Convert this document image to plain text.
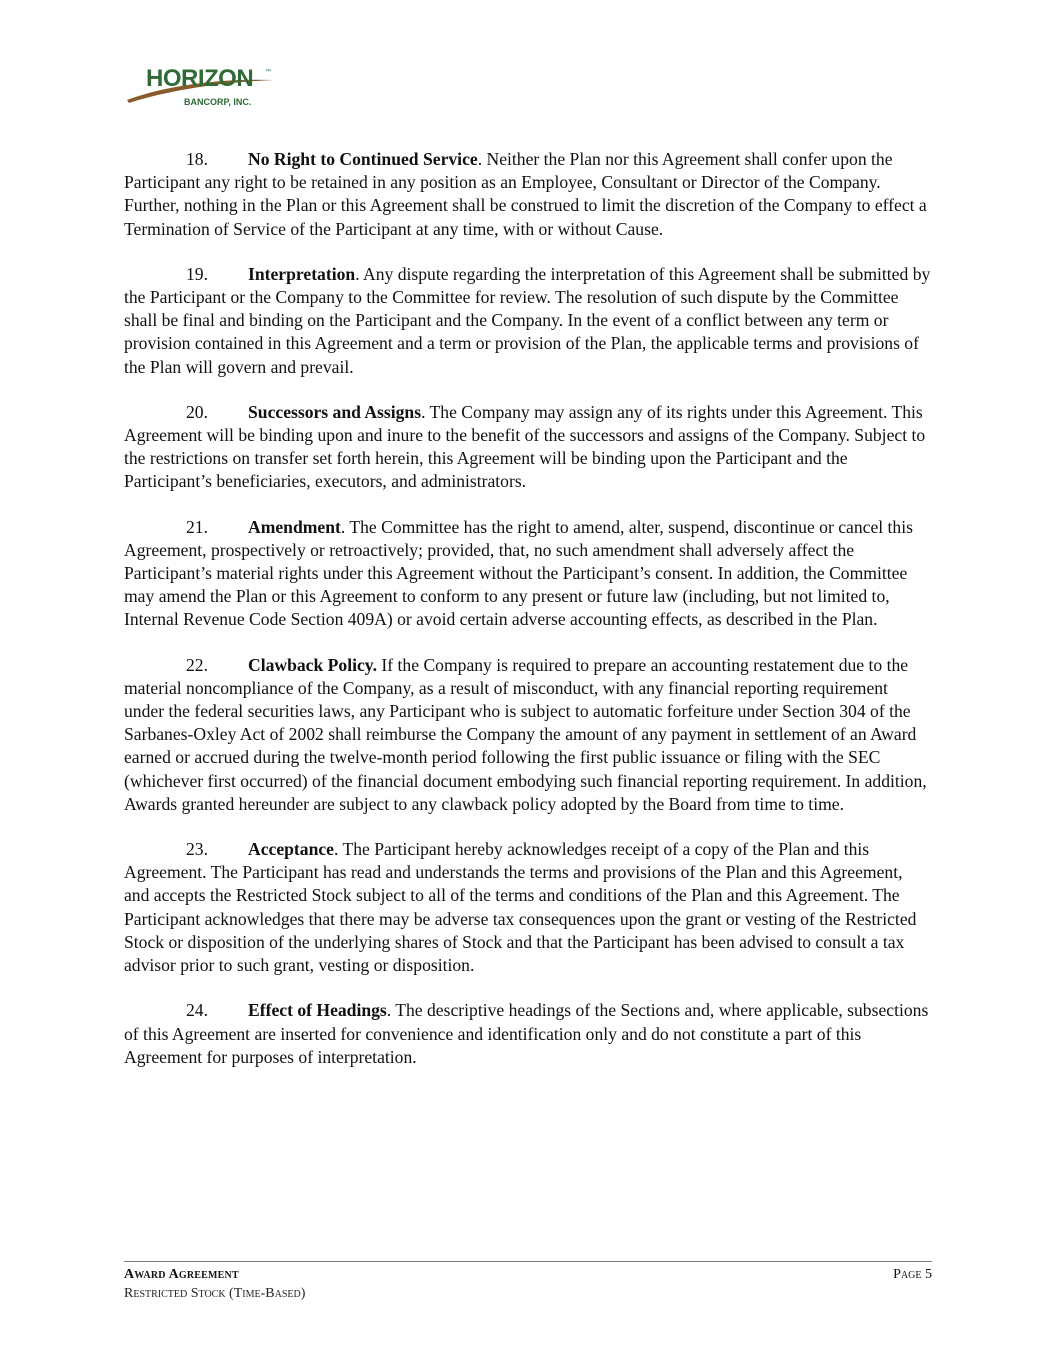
HORIZON ™
BANCORP, INC.

18. No Right to Continued Service. Neither the Plan nor this Agreement shall confer upon the Participant any right to be retained in any position as an Employee, Consultant or Director of the Company. Further, nothing in the Plan or this Agreement shall be construed to limit the discretion of the Company to effect a Termination of Service of the Participant at any time, with or without Cause.

19. Interpretation. Any dispute regarding the interpretation of this Agreement shall be submitted by the Participant or the Company to the Committee for review. The resolution of such dispute by the Committee shall be final and binding on the Participant and the Company. In the event of a conflict between any term or provision contained in this Agreement and a term or provision of the Plan, the applicable terms and provisions of the Plan will govern and prevail.

20. Successors and Assigns. The Company may assign any of its rights under this Agreement. This Agreement will be binding upon and inure to the benefit of the successors and assigns of the Company. Subject to the restrictions on transfer set forth herein, this Agreement will be binding upon the Participant and the Participant’s beneficiaries, executors, and administrators.

21. Amendment. The Committee has the right to amend, alter, suspend, discontinue or cancel this Agreement, prospectively or retroactively; provided, that, no such amendment shall adversely affect the Participant’s material rights under this Agreement without the Participant’s consent. In addition, the Committee may amend the Plan or this Agreement to conform to any present or future law (including, but not limited to, Internal Revenue Code Section 409A) or avoid certain adverse accounting effects, as described in the Plan.

22. Clawback Policy. If the Company is required to prepare an accounting restatement due to the material noncompliance of the Company, as a result of misconduct, with any financial reporting requirement under the federal securities laws, any Participant who is subject to automatic forfeiture under Section 304 of the Sarbanes-Oxley Act of 2002 shall reimburse the Company the amount of any payment in settlement of an Award earned or accrued during the twelve-month period following the first public issuance or filing with the SEC (whichever first occurred) of the financial document embodying such financial reporting requirement. In addition, Awards granted hereunder are subject to any clawback policy adopted by the Board from time to time.

23. Acceptance. The Participant hereby acknowledges receipt of a copy of the Plan and this Agreement. The Participant has read and understands the terms and provisions of the Plan and this Agreement, and accepts the Restricted Stock subject to all of the terms and conditions of the Plan and this Agreement. The Participant acknowledges that there may be adverse tax consequences upon the grant or vesting of the Restricted Stock or disposition of the underlying shares of Stock and that the Participant has been advised to consult a tax advisor prior to such grant, vesting or disposition.

24. Effect of Headings. The descriptive headings of the Sections and, where applicable, subsections of this Agreement are inserted for convenience and identification only and do not constitute a part of this Agreement for purposes of interpretation.

Award Agreement
Restricted Stock (Time-Based)
Page 5
